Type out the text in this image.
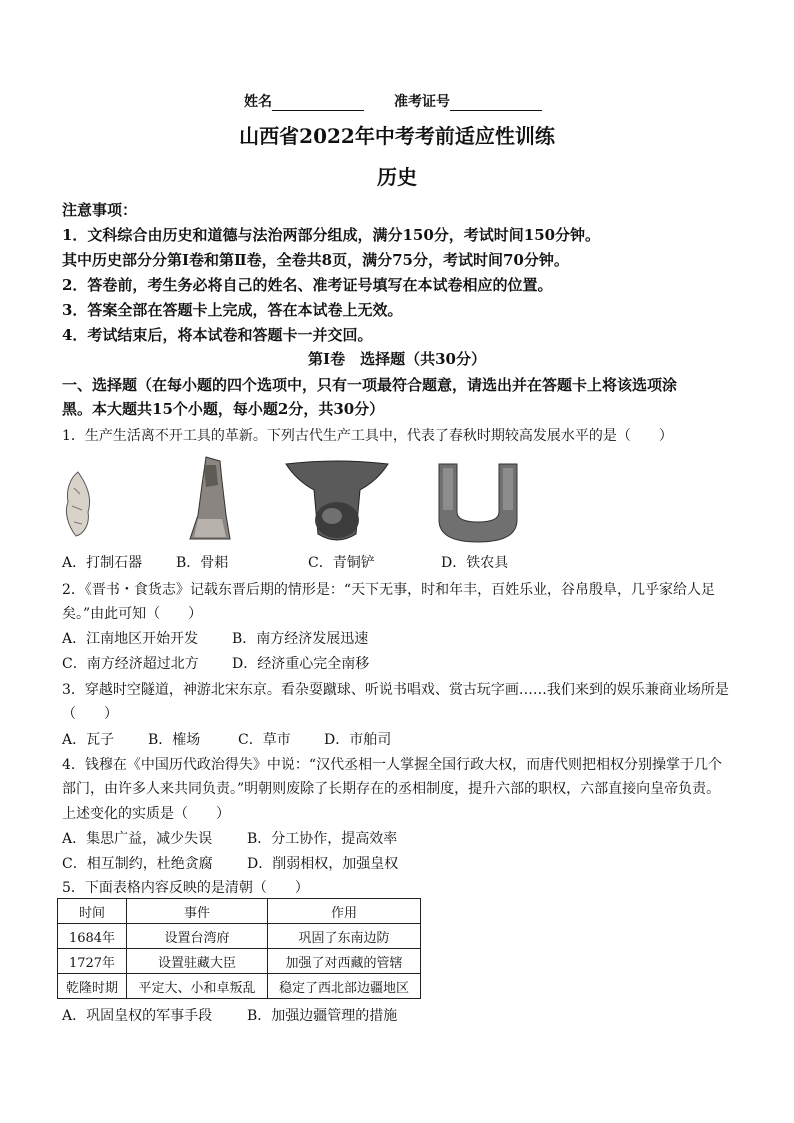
姓名	准考证号
山西省2022年中考考前适应性训练
历史
注意事项：
1．文科综合由历史和道德与法治两部分组成，满分150分，考试时间150分钟。
其中历史部分分第Ⅰ卷和第Ⅱ卷，全卷共8页，满分75分，考试时间70分钟。
2．答卷前，考生务必将自己的姓名、准考证号填写在本试卷相应的位置。
3．答案全部在答题卡上完成，答在本试卷上无效。
4．考试结束后，将本试卷和答题卡一并交回。
第Ⅰ卷　选择题（共30分）
一、选择题（在每小题的四个选项中，只有一项最符合题意，请选出并在答题卡上将该选项涂
黑。本大题共15个小题，每小题2分，共30分）
1．生产生活离不开工具的革新。下列古代生产工具中，代表了春秋时期较高发展水平的是（　　）
A．打制石器 B．骨耜	C．青铜铲	D．铁农具
2．《晋书・食货志》记载东晋后期的情形是：“天下无事，时和年丰，百姓乐业，谷帛殷阜，几乎家给人足
矣。”由此可知（　　）
A．江南地区开始开发 B．南方经济发展迅速
C．南方经济超过北方 D．经济重心完全南移
3．穿越时空隧道，神游北宋东京。看杂耍蹴球、听说书唱戏、赏古玩字画……我们来到的娱乐兼商业场所是
（　　）
A．瓦子 B．榷场	C．草市 D．市舶司
4．钱穆在《中国历代政治得失》中说：“汉代丞相一人掌握全国行政大权，而唐代则把相权分别操掌于几个
部门，由许多人来共同负责。”明朝则废除了长期存在的丞相制度，提升六部的职权，六部直接向皇帝负责。
上述变化的实质是（　　）
A．集思广益，减少失误 B．分工协作，提高效率
C．相互制约，杜绝贪腐 D．削弱相权，加强皇权
5．下面表格内容反映的是清朝（　　）
时间	事件	作用
1684年	设置台湾府	巩固了东南边防
1727年	设置驻藏大臣	加强了对西藏的管辖
乾隆时期	平定大、小和卓叛乱	稳定了西北部边疆地区
A．巩固皇权的军事手段 B．加强边疆管理的措施
